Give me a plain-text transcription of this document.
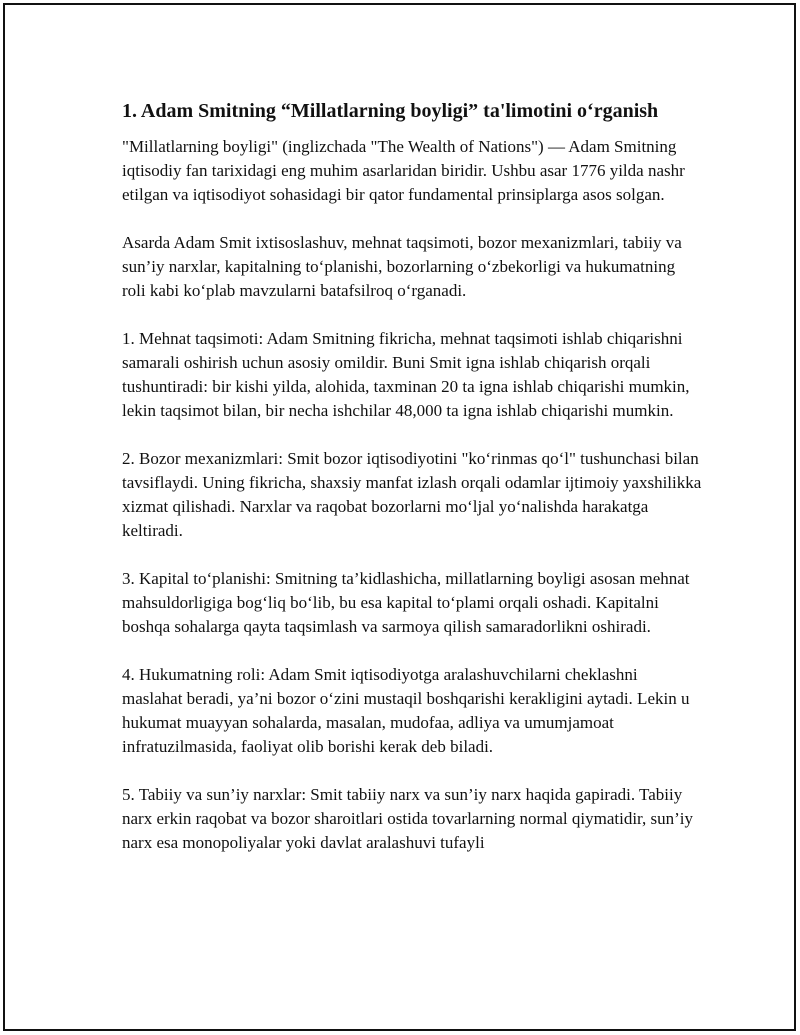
1. Adam Smitning “Millatlarning boyligi” ta'limotini o‘rganish

"Millatlarning boyligi" (inglizchada "The Wealth of Nations") — Adam Smitning iqtisodiy fan tarixidagi eng muhim asarlaridan biridir. Ushbu asar 1776 yilda nashr etilgan va iqtisodiyot sohasidagi bir qator fundamental prinsiplarga asos solgan.

Asarda Adam Smit ixtisoslashuv, mehnat taqsimoti, bozor mexanizmlari, tabiiy va sun’iy narxlar, kapitalning to‘planishi, bozorlarning o‘zbekorligi va hukumatning roli kabi ko‘plab mavzularni batafsilroq o‘rganadi.

1. Mehnat taqsimoti: Adam Smitning fikricha, mehnat taqsimoti ishlab chiqarishni samarali oshirish uchun asosiy omildir. Buni Smit igna ishlab chiqarish orqali tushuntiradi: bir kishi yilda, alohida, taxminan 20 ta igna ishlab chiqarishi mumkin, lekin taqsimot bilan, bir necha ishchilar 48,000 ta igna ishlab chiqarishi mumkin.

2. Bozor mexanizmlari: Smit bozor iqtisodiyotini "ko‘rinmas qo‘l" tushunchasi bilan tavsiflaydi. Uning fikricha, shaxsiy manfat izlash orqali odamlar ijtimoiy yaxshilikka xizmat qilishadi. Narxlar va raqobat bozorlarni mo‘ljal yo‘nalishda harakatga keltiradi.

3. Kapital to‘planishi: Smitning ta’kidlashicha, millatlarning boyligi asosan mehnat mahsuldorligiga bog‘liq bo‘lib, bu esa kapital to‘plami orqali oshadi. Kapitalni boshqa sohalarga qayta taqsimlash va sarmoya qilish samaradorlikni oshiradi.

4. Hukumatning roli: Adam Smit iqtisodiyotga aralashuvchilarni cheklashni maslahat beradi, ya’ni bozor o‘zini mustaqil boshqarishi kerakligini aytadi. Lekin u hukumat muayyan sohalarda, masalan, mudofaa, adliya va umumjamoat infratuzilmasida, faoliyat olib borishi kerak deb biladi.

5. Tabiiy va sun’iy narxlar: Smit tabiiy narx va sun’iy narx haqida gapiradi. Tabiiy narx erkin raqobat va bozor sharoitlari ostida tovarlarning normal qiymatidir, sun’iy narx esa monopoliyalar yoki davlat aralashuvi tufayli
